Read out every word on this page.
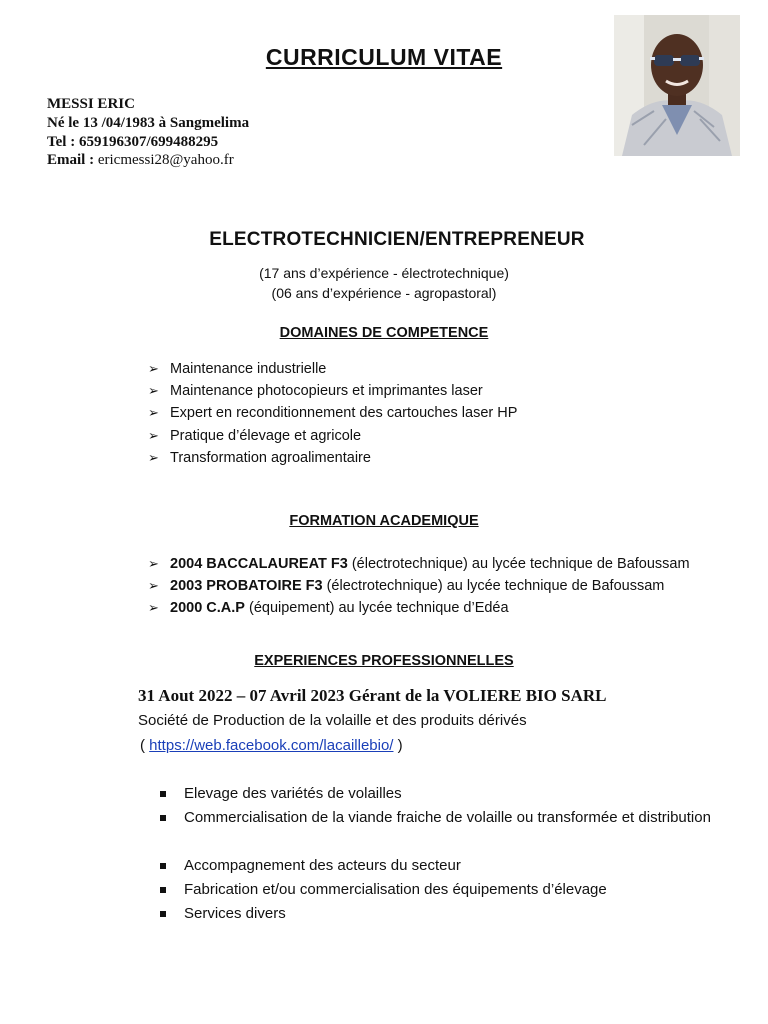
CURRICULUM VITAE
MESSI ERIC
Né le 13 /04/1983 à Sangmelima
Tel : 659196307/699488295
Email : ericmessi28@yahoo.fr
ELECTROTECHNICIEN/ENTREPRENEUR
(17 ans d’expérience - électrotechnique)
(06 ans d’expérience - agropastoral)
DOMAINES DE COMPETENCE
➢ Maintenance industrielle
➢ Maintenance photocopieurs et imprimantes laser
➢ Expert en reconditionnement des cartouches laser HP
➢ Pratique d’élevage et agricole
➢ Transformation agroalimentaire
FORMATION ACADEMIQUE
➢ 2004 BACCALAUREAT F3 (électrotechnique) au lycée technique de Bafoussam
➢ 2003 PROBATOIRE F3 (électrotechnique) au lycée technique de Bafoussam
➢ 2000 C.A.P (équipement) au lycée technique d’Edéa
EXPERIENCES PROFESSIONNELLES
31 Aout 2022 – 07 Avril 2023 Gérant de la VOLIERE BIO SARL
Société de Production de la volaille et des produits dérivés
( https://web.facebook.com/lacaillebio/ )
Elevage des variétés de volailles
Commercialisation de la viande fraiche de volaille ou transformée et distribution
Accompagnement des acteurs du secteur
Fabrication et/ou commercialisation des équipements d’élevage
Services divers
